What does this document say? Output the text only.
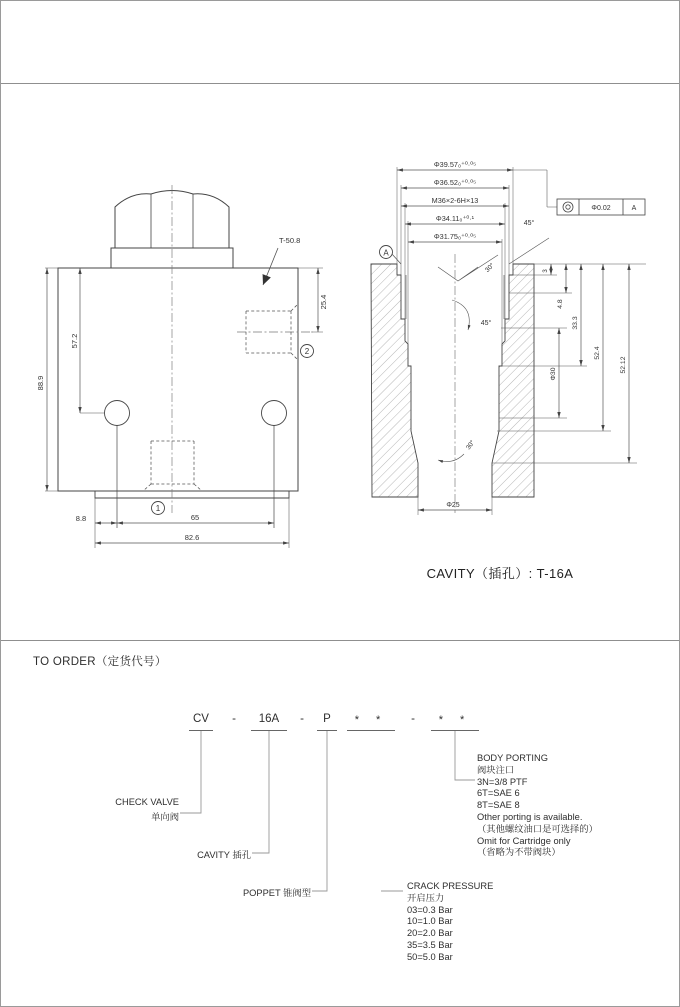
88.9
57.2
25.4
T-50.8
8.8	65
82.6
2
1
Φ39.57₀⁺⁰·⁰⁵
Φ36.52₀⁺⁰·⁰⁵
M36×2-6H×13
Φ34.11₀⁺⁰·¹
Φ31.75₀⁺⁰·⁰⁵
Φ0.02	A
A
45°
30°
45°
30°
3
4.8
33.3
Φ30
52.4
52.12
Φ25
CAVITY（插孔）: T-16A
TO ORDER（定货代号）
CV	-	16A	-	P	* *	-	* *
CHECK VALVE
单向阀
CAVITY 插孔
POPPET 锥阀型
CRACK PRESSURE
开启压力
03=0.3 Bar
10=1.0 Bar
20=2.0 Bar
35=3.5 Bar
50=5.0 Bar
BODY PORTING
阀块注口
3N=3/8 PTF
6T=SAE 6
8T=SAE 8
Other porting is available.
（其他螺纹油口是可选择的）
Omit for Cartridge only
（省略为不带阀块）
